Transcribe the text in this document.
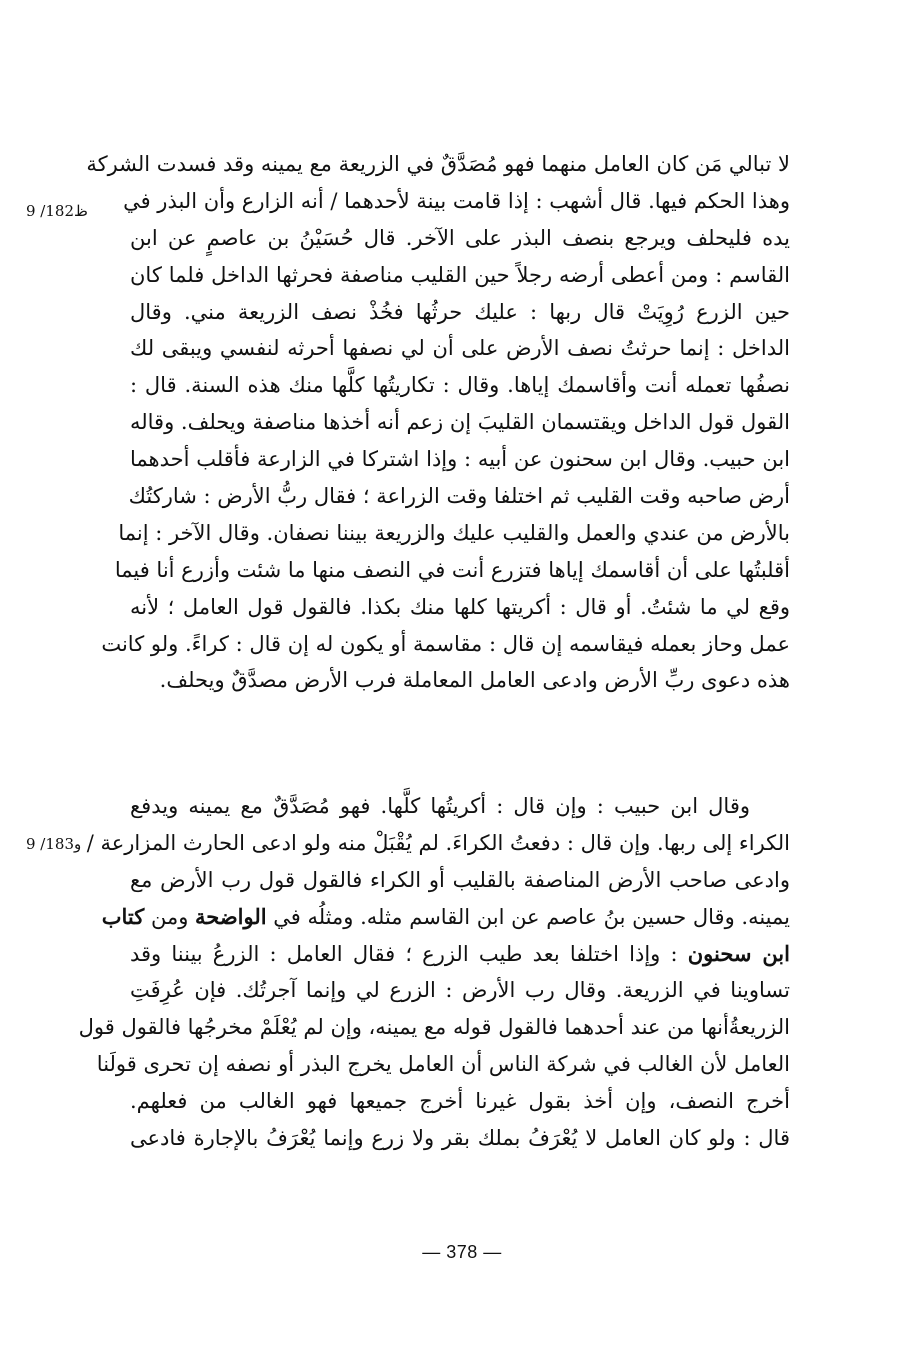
9 /182ظ
9 /183و
لا تبالي مَن كان العامل منهما فهو مُصَدَّقٌ في الزريعة مع يمينه وقد فسدت الشركة
وهذا الحكم فيها. قال أشهب : إذا قامت بينة لأحدهما / أنه الزارع وأن البذر في
يده فليحلف ويرجع بنصف البذر على الآخر. قال حُسَيْنُ بن عاصمٍ عن ابن
القاسم : ومن أعطى أرضه رجلاً حين القليب مناصفة فحرثها الداخل فلما كان
حين الزرع رُوِيَتْ قال ربها : عليك حرثُها فخُذْ نصف الزريعة مني. وقال
الداخل : إنما حرثتُ نصف الأرض على أن لي نصفها أحرثه لنفسي ويبقى لك
نصفُها تعمله أنت وأقاسمك إياها. وقال : تكاريتُها كلَّها منك هذه السنة. قال :
القول قول الداخل ويقتسمان القليبَ إن زعم أنه أخذها مناصفة ويحلف. وقاله
ابن حبيب. وقال ابن سحنون عن أبيه : وإذا اشتركا في الزارعة فأقلب أحدهما
أرض صاحبه وقت القليب ثم اختلفا وقت الزراعة ؛ فقال ربُّ الأرض : شاركتُك
بالأرض من عندي والعمل والقليب عليك والزريعة بيننا نصفان. وقال الآخر : إنما
أقلبتُها على أن أقاسمك إياها فتزرع أنت في النصف منها ما شئت وأزرع أنا فيما
وقع لي ما شئتُ. أو قال : أكريتها كلها منك بكذا. فالقول قول العامل ؛ لأنه
عمل وحاز بعمله فيقاسمه إن قال : مقاسمة أو يكون له إن قال : كراءً. ولو كانت
هذه دعوى ربِّ الأرض وادعى العامل المعاملة فرب الأرض مصدَّقٌ ويحلف.
وقال ابن حبيب : وإن قال : أكريتُها كلَّها. فهو مُصَدَّقٌ مع يمينه ويدفع
الكراء إلى ربها. وإن قال : دفعتُ الكراءَ. لم يُقْبَلْ منه ولو ادعى الحارث المزارعة /
وادعى صاحب الأرض المناصفة بالقليب أو الكراء فالقول قول رب الأرض مع
يمينه. وقال حسين بنُ عاصم عن ابن القاسم مثله. ومثلُه في الواضحة ومن كتاب
ابن سحنون : وإذا اختلفا بعد طيب الزرع ؛ فقال العامل : الزرعُ بيننا وقد
تساوينا في الزريعة. وقال رب الأرض : الزرع لي وإنما آجرتُك. فإن عُرِفَتِ
الزريعةُأنها من عند أحدهما فالقول قوله مع يمينه، وإن لم يُعْلَمْ مخرجُها فالقول قول
العامل لأن الغالب في شركة الناس أن العامل يخرج البذر أو نصفه إن تحرى قولَنا
أخرج النصف، وإن أخذ بقول غيرنا أخرج جميعها فهو الغالب من فعلهم.
قال : ولو كان العامل لا يُعْرَفُ بملك بقر ولا زرع وإنما يُعْرَفُ بالإجارة فادعى
— 378 —
